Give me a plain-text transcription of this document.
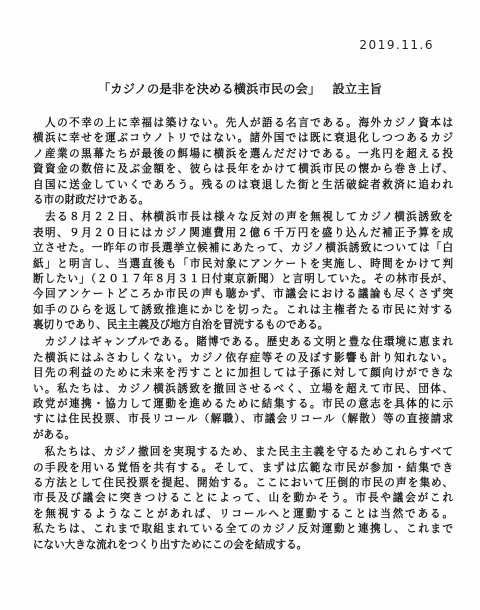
2019.11.6
「カジノの是非を決める横浜市民の会」 設立主旨
　人の不幸の上に幸福は築けない。先人が語る名言である。海外カジノ資本は
横浜に幸せを運ぶコウノトリではない。諸外国では既に衰退化しつつあるカジ
ノ産業の黒幕たちが最後の餌場に横浜を選んだだけである。一兆円を超える投
資資金の数倍に及ぶ金額を、彼らは長年をかけて横浜市民の懐から巻き上げ、
自国に送金していくであろう。残るのは衰退した街と生活破綻者救済に追われ
る市の財政だけである。
　去る８月２２日、林横浜市長は様々な反対の声を無視してカジノ横浜誘致を
表明、９月２０日にはカジノ関連費用２億６千万円を盛り込んだ補正予算を成
立させた。一昨年の市長選挙立候補にあたって、カジノ横浜誘致については「白
紙」と明言し、当選直後も「市民対象にアンケートを実施し、時間をかけて判
断したい」（２０１７年８月３１日付東京新聞）と言明していた。その林市長が、
今回アンケートどころか市民の声も聴かず、市議会における議論も尽くさず突
如手のひらを返して誘致推進にかじを切った。これは主権者たる市民に対する
裏切りであり、民主主義及び地方自治を冒涜するものである。
　カジノはギャンブルである。賭博である。歴史ある文明と豊な住環境に恵まれ
た横浜にはふさわしくない。カジノ依存症等その及ぼす影響も計り知れない。
目先の利益のために未来を汚すことに加担しては子孫に対して顔向けができな
い。私たちは、カジノ横浜誘致を撤回させるべく、立場を超えて市民、団体、
政党が連携・協力して運動を進めるために結集する。市民の意志を具体的に示
すには住民投票、市長リコール（解職）、市議会リコール（解散）等の直接請求
がある。
　私たちは、カジノ撤回を実現するため、また民主主義を守るためこれらすべて
の手段を用いる覚悟を共有する。そして、まずは広範な市民が参加・結集でき
る方法として住民投票を提起、開始する。ここにおいて圧倒的市民の声を集め、
市長及び議会に突きつけることによって、山を動かそう。市長や議会がこれ
を無視するようなことがあれば、リコールへと運動することは当然である。
私たちは、これまで取組まれている全てのカジノ反対運動と連携し、これまで
にない大きな流れをつくり出すためにこの会を結成する。
